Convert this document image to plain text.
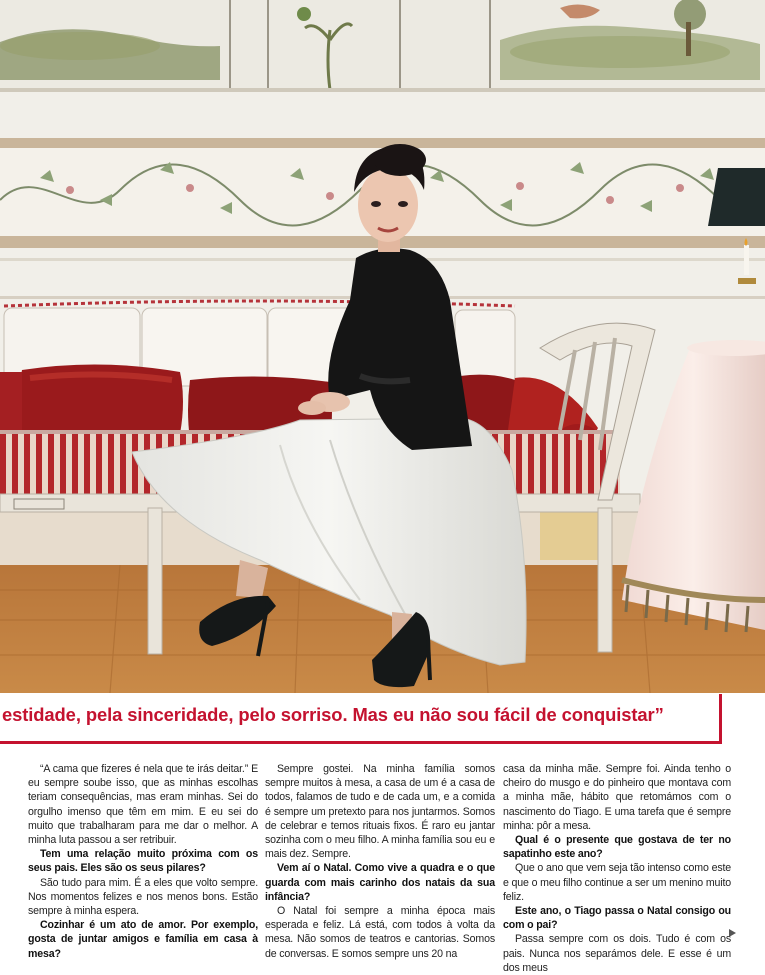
estidade, pela sinceridade, pelo sorriso. Mas eu não sou fácil de conquistar”

“A cama que fizeres é nela que te irás deitar.” E eu sempre soube isso, que as minhas escolhas teriam consequências, mas eram minhas. Sei do orgulho imenso que têm em mim. E eu sei do muito que trabalharam para me dar o melhor. A minha luta passou a ser retribuir.

Tem uma relação muito próxima com os seus pais. Eles são os seus pilares?

São tudo para mim. É a eles que volto sempre. Nos momentos felizes e nos menos bons. Estão sempre à minha espera.

Cozinhar é um ato de amor. Por exemplo, gosta de juntar amigos e família em casa à mesa?

Sempre gostei. Na minha família somos sempre muitos à mesa, a casa de um é a casa de todos, falamos de tudo e de cada um, e a comida é sempre um pretexto para nos juntarmos. Somos de celebrar e temos rituais fixos. É raro eu jantar sozinha com o meu filho. A minha família sou eu e mais dez. Sempre.

Vem aí o Natal. Como vive a quadra e o que guarda com mais carinho dos natais da sua infância?

O Natal foi sempre a minha época mais esperada e feliz. Lá está, com todos à volta da mesa. Não somos de teatros e cantorias. Somos de conversas. E somos sempre uns 20 na

casa da minha mãe. Sempre foi. Ainda tenho o cheiro do musgo e do pinheiro que montava com a minha mãe, hábito que retomámos com o nascimento do Tiago. E uma tarefa que é sempre minha: pôr a mesa.

Qual é o presente que gostava de ter no sapatinho este ano?

Que o ano que vem seja tão intenso como este e que o meu filho continue a ser um menino muito feliz.

Este ano, o Tiago passa o Natal consigo ou com o pai?

Passa sempre com os dois. Tudo é com os pais. Nunca nos separámos dele. E esse é um dos meus
